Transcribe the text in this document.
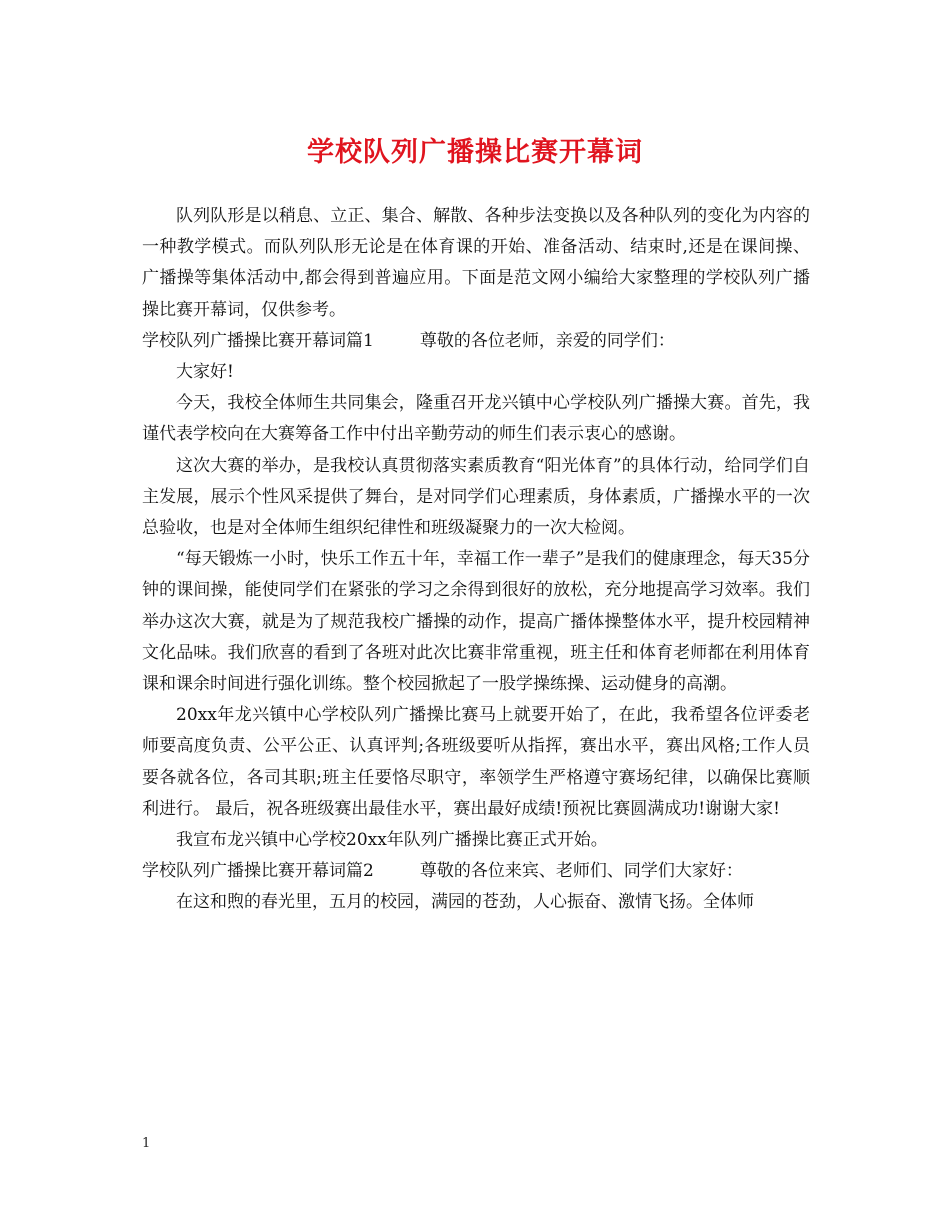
学校队列广播操比赛开幕词

队列队形是以稍息、立正、集合、解散、各种步法变换以及各种队列的变化为内容的一种教学模式。而队列队形无论是在体育课的开始、准备活动、结束时,还是在课间操、广播操等集体活动中,都会得到普遍应用。下面是范文网小编给大家整理的学校队列广播操比赛开幕词，仅供参考。

学校队列广播操比赛开幕词篇1	尊敬的各位老师，亲爱的同学们：

大家好!

今天，我校全体师生共同集会，隆重召开龙兴镇中心学校队列广播操大赛。首先，我谨代表学校向在大赛筹备工作中付出辛勤劳动的师生们表示衷心的感谢。

这次大赛的举办，是我校认真贯彻落实素质教育“阳光体育”的具体行动，给同学们自主发展，展示个性风采提供了舞台，是对同学们心理素质，身体素质，广播操水平的一次总验收，也是对全体师生组织纪律性和班级凝聚力的一次大检阅。

“每天锻炼一小时，快乐工作五十年，幸福工作一辈子”是我们的健康理念，每天35分钟的课间操，能使同学们在紧张的学习之余得到很好的放松，充分地提高学习效率。我们举办这次大赛，就是为了规范我校广播操的动作，提高广播体操整体水平，提升校园精神文化品味。我们欣喜的看到了各班对此次比赛非常重视，班主任和体育老师都在利用体育课和课余时间进行强化训练。整个校园掀起了一股学操练操、运动健身的高潮。

20xx年龙兴镇中心学校队列广播操比赛马上就要开始了，在此，我希望各位评委老师要高度负责、公平公正、认真评判;各班级要听从指挥，赛出水平，赛出风格;工作人员要各就各位，各司其职;班主任要恪尽职守，率领学生严格遵守赛场纪律，以确保比赛顺利进行。 最后，祝各班级赛出最佳水平，赛出最好成绩!预祝比赛圆满成功!谢谢大家!

我宣布龙兴镇中心学校20xx年队列广播操比赛正式开始。

学校队列广播操比赛开幕词篇2	尊敬的各位来宾、老师们、同学们大家好：

在这和煦的春光里，五月的校园，满园的苍劲，人心振奋、激情飞扬。全体师

1
